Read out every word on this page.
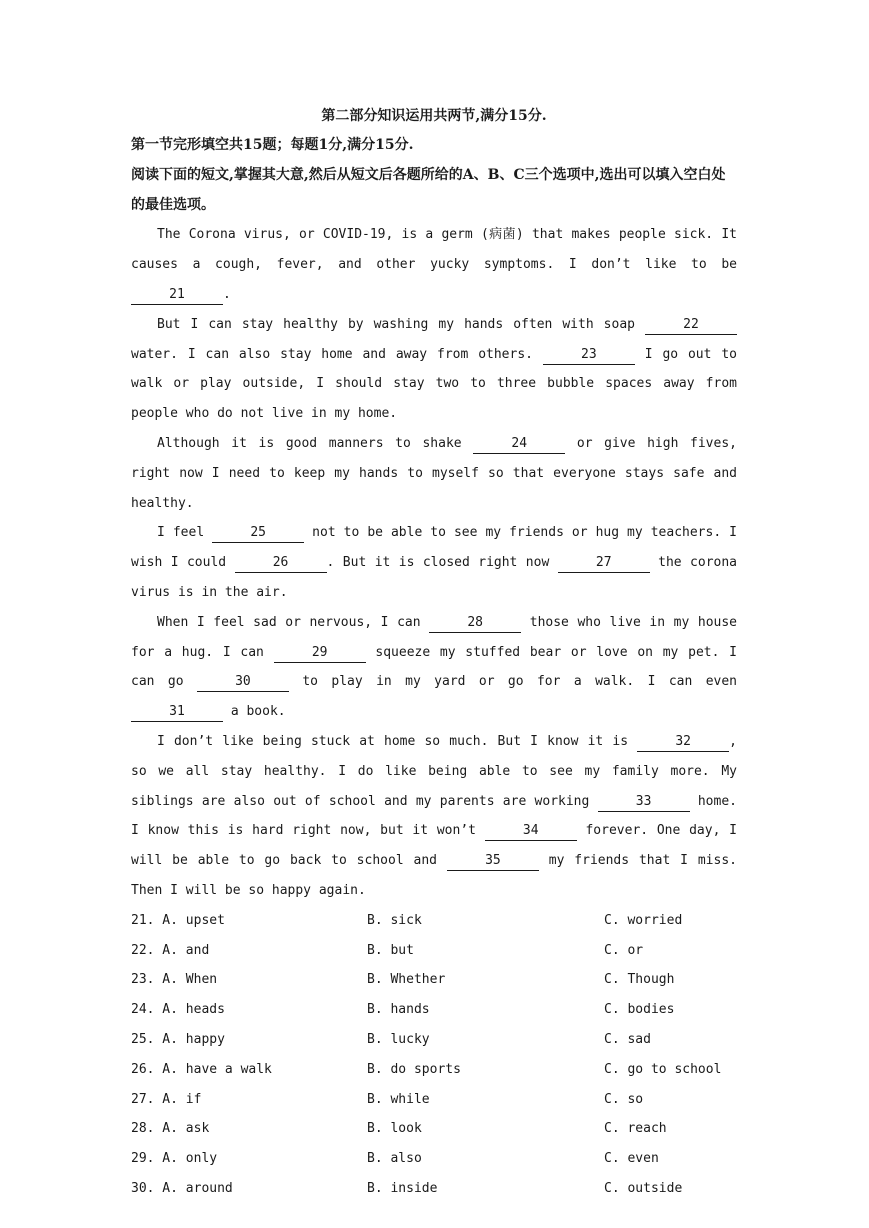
第二部分知识运用共两节,满分15分.
第一节完形填空共15题；每题1分,满分15分.
阅读下面的短文,掌握其大意,然后从短文后各题所给的A、B、C三个选项中,选出可以填入空白处的最佳选项。

The Corona virus, or COVID-19, is a germ (病菌) that makes people sick. It causes a cough, fever, and other yucky symptoms. I don’t like to be 21	.

But I can stay healthy by washing my hands often with soap	22 water. I can also stay home and away from others.	23	I go out to walk or play outside, I should stay two to three bubble spaces away from people who do not live in my home.

Although it is good manners to shake	24	or give high fives, right now I need to keep my hands to myself so that everyone stays safe and healthy.

I feel	25	not to be able to see my friends or hug my teachers. I wish I could	26	. But it is closed right now	27	the corona virus is in the air.

When I feel sad or nervous, I can	28	those who live in my house for a hug. I can	29	squeeze my stuffed bear or love on my pet. I can go	30	to play in my yard or go for a walk. I can even 31	a book.

I don’t like being stuck at home so much. But I know it is	32	, so we all stay healthy. I do like being able to see my family more. My siblings are also out of school and my parents are working	33	home. I know this is hard right now, but it won’t	34	forever. One day, I will be able to go back to school and	35	my friends that I miss. Then I will be so happy again.

21. A. upset	B. sick	C. worried
22. A. and	B. but	C. or
23. A. When	B. Whether	C. Though
24. A. heads	B. hands	C. bodies
25. A. happy	B. lucky	C. sad
26. A. have a walk	B. do sports	C. go to school
27. A. if	B. while	C. so
28. A. ask	B. look	C. reach
29. A. only	B. also	C. even
30. A. around	B. inside	C. outside
